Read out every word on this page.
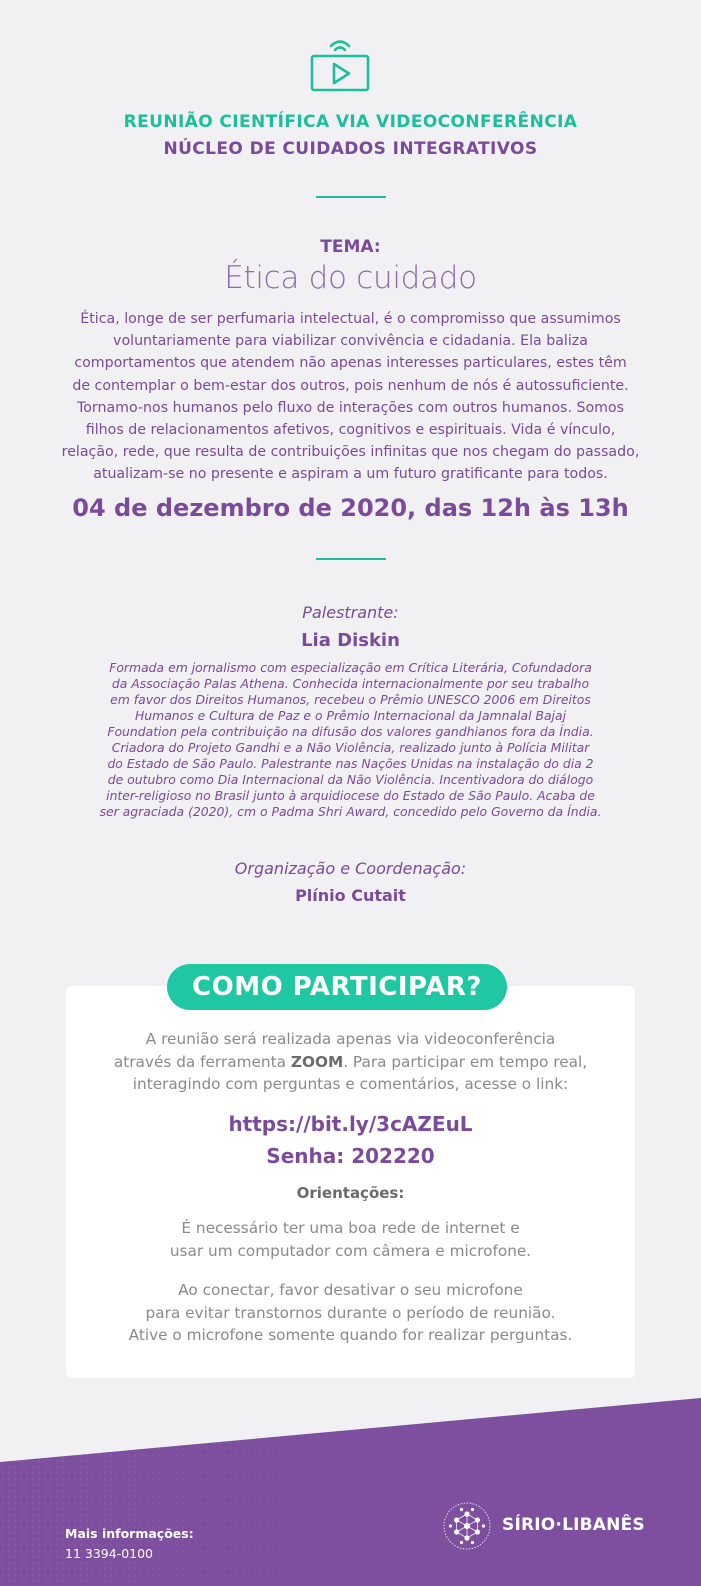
REUNIÃO CIENTÍFICA VIA VIDEOCONFERÊNCIA
NÚCLEO DE CUIDADOS INTEGRATIVOS
TEMA:
Ética do cuidado
Ética, longe de ser perfumaria intelectual, é o compromisso que assumimos
voluntariamente para viabilizar convivência e cidadania. Ela baliza
comportamentos que atendem não apenas interesses particulares, estes têm
de contemplar o bem-estar dos outros, pois nenhum de nós é autossuficiente.
Tornamo-nos humanos pelo fluxo de interações com outros humanos. Somos
filhos de relacionamentos afetivos, cognitivos e espirituais. Vida é vínculo,
relação, rede, que resulta de contribuições infinitas que nos chegam do passado,
atualizam-se no presente e aspiram a um futuro gratificante para todos.
04 de dezembro de 2020, das 12h às 13h
Palestrante:
Lia Diskin
Formada em jornalismo com especialização em Crítica Literária, Cofundadora
da Associação Palas Athena. Conhecida internacionalmente por seu trabalho
em favor dos Direitos Humanos, recebeu o Prêmio UNESCO 2006 em Direitos
Humanos e Cultura de Paz e o Prêmio Internacional da Jamnalal Bajaj
Foundation pela contribuição na difusão dos valores gandhianos fora da Índia.
Criadora do Projeto Gandhi e a Não Violência, realizado junto à Polícia Militar
do Estado de São Paulo. Palestrante nas Nações Unidas na instalação do dia 2
de outubro como Dia Internacional da Não Violência. Incentivadora do diálogo
inter-religioso no Brasil junto à arquidiocese do Estado de São Paulo. Acaba de
ser agraciada (2020), cm o Padma Shri Award, concedido pelo Governo da Índia.
Organização e Coordenação:
Plínio Cutait
COMO PARTICIPAR?
A reunião será realizada apenas via videoconferência
através da ferramenta ZOOM. Para participar em tempo real,
interagindo com perguntas e comentários, acesse o link:
https://bit.ly/3cAZEuL
Senha: 202220
Orientações:
É necessário ter uma boa rede de internet e
usar um computador com câmera e microfone.
Ao conectar, favor desativar o seu microfone
para evitar transtornos durante o período de reunião.
Ative o microfone somente quando for realizar perguntas.
Mais informações:
11 3394-0100
SÍRIO·LIBANÊS
